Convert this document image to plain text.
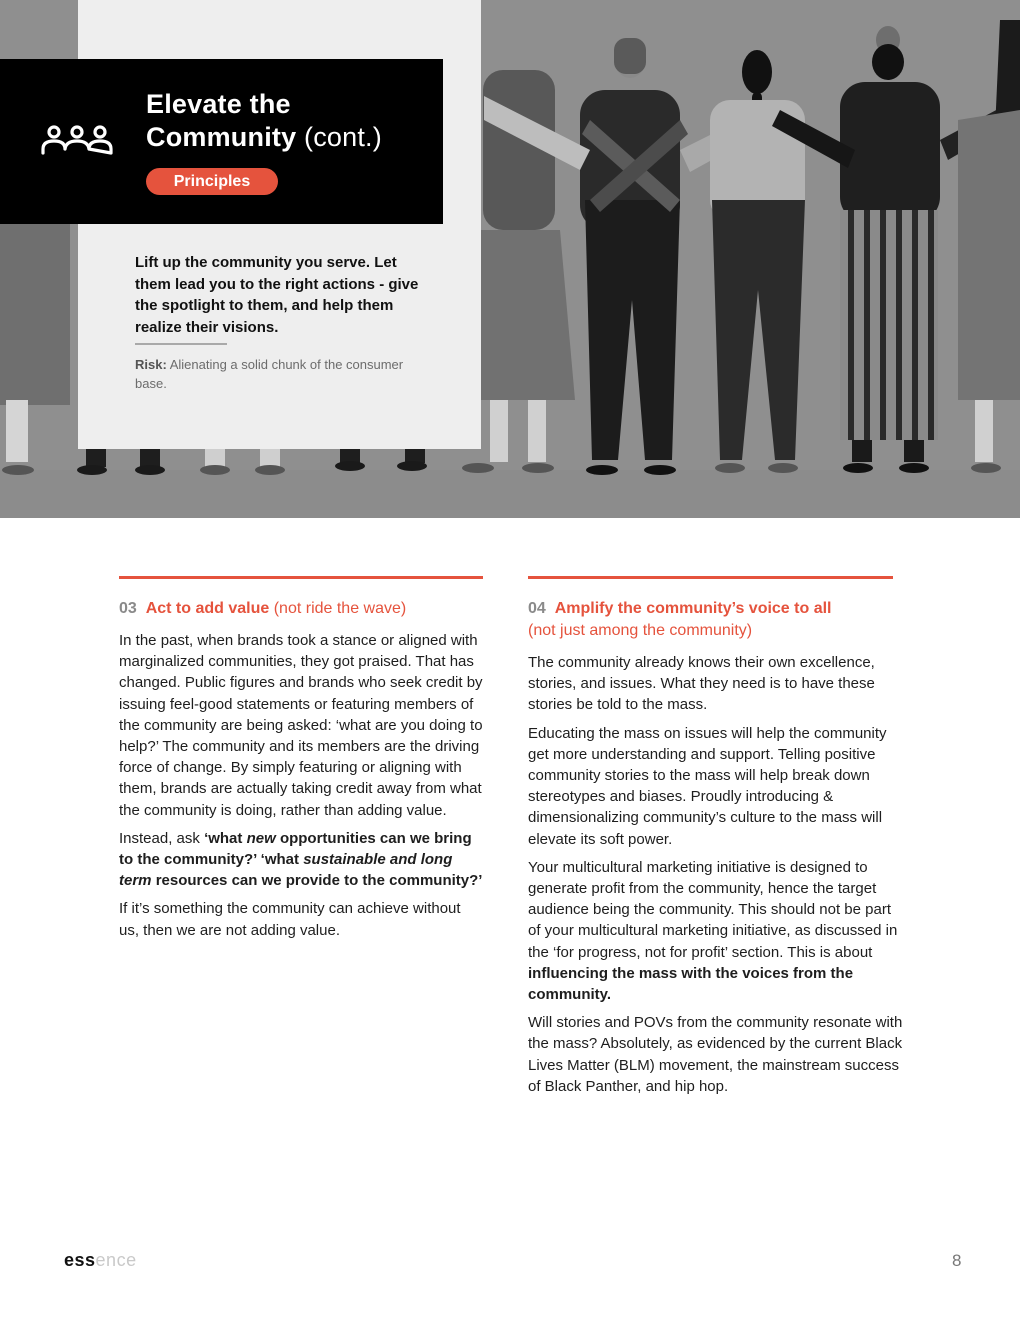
Elevate the Community (cont.)
Principles
Lift up the community you serve. Let them lead you to the right actions - give the spotlight to them, and help them realize their visions.
Risk: Alienating a solid chunk of the consumer base.
03 Act to add value (not ride the wave)

In the past, when brands took a stance or aligned with marginalized communities, they got praised. That has changed. Public figures and brands who seek credit by issuing feel-good statements or featuring members of the community are being asked: ‘what are you doing to help?’ The community and its members are the driving force of change. By simply featuring or aligning with them, brands are actually taking credit away from what the community is doing, rather than adding value.

Instead, ask ‘what new opportunities can we bring to the community?’ ‘what sustainable and long term resources can we provide to the community?’

If it’s something the community can achieve without us, then we are not adding value.

04 Amplify the community’s voice to all
(not just among the community)

The community already knows their own excellence, stories, and issues. What they need is to have these stories be told to the mass.

Educating the mass on issues will help the community get more understanding and support. Telling positive community stories to the mass will help break down stereotypes and biases. Proudly introducing & dimensionalizing community’s culture to the mass will elevate its soft power.

Your multicultural marketing initiative is designed to generate profit from the community, hence the target audience being the community. This should not be part of your multicultural marketing initiative, as discussed in the ‘for progress, not for profit’ section. This is about influencing the mass with the voices from the community.

Will stories and POVs from the community resonate with the mass? Absolutely, as evidenced by the current Black Lives Matter (BLM) movement, the mainstream success of Black Panther, and hip hop.

essence	8
